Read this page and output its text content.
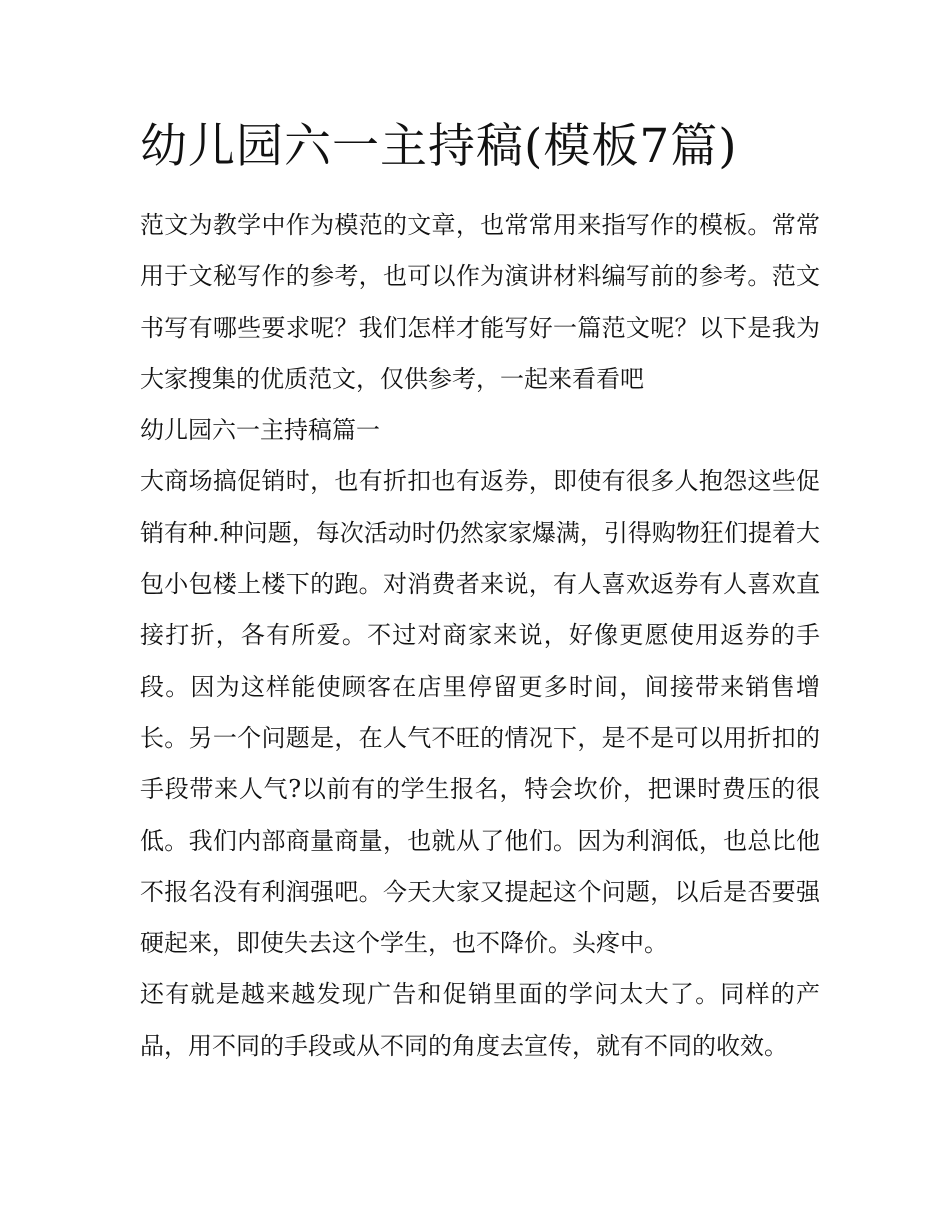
幼儿园六一主持稿(模板7篇)

范文为教学中作为模范的文章，也常常用来指写作的模板。常常用于文秘写作的参考，也可以作为演讲材料编写前的参考。范文书写有哪些要求呢？我们怎样才能写好一篇范文呢？以下是我为大家搜集的优质范文，仅供参考，一起来看看吧

幼儿园六一主持稿篇一

大商场搞促销时，也有折扣也有返券，即使有很多人抱怨这些促销有种.种问题，每次活动时仍然家家爆满，引得购物狂们提着大包小包楼上楼下的跑。对消费者来说，有人喜欢返券有人喜欢直接打折，各有所爱。不过对商家来说，好像更愿使用返券的手段。因为这样能使顾客在店里停留更多时间，间接带来销售增长。另一个问题是，在人气不旺的情况下，是不是可以用折扣的手段带来人气?以前有的学生报名，特会坎价，把课时费压的很低。我们内部商量商量，也就从了他们。因为利润低，也总比他不报名没有利润强吧。今天大家又提起这个问题，以后是否要强硬起来，即使失去这个学生，也不降价。头疼中。

还有就是越来越发现广告和促销里面的学问太大了。同样的产品，用不同的手段或从不同的角度去宣传，就有不同的收效。
